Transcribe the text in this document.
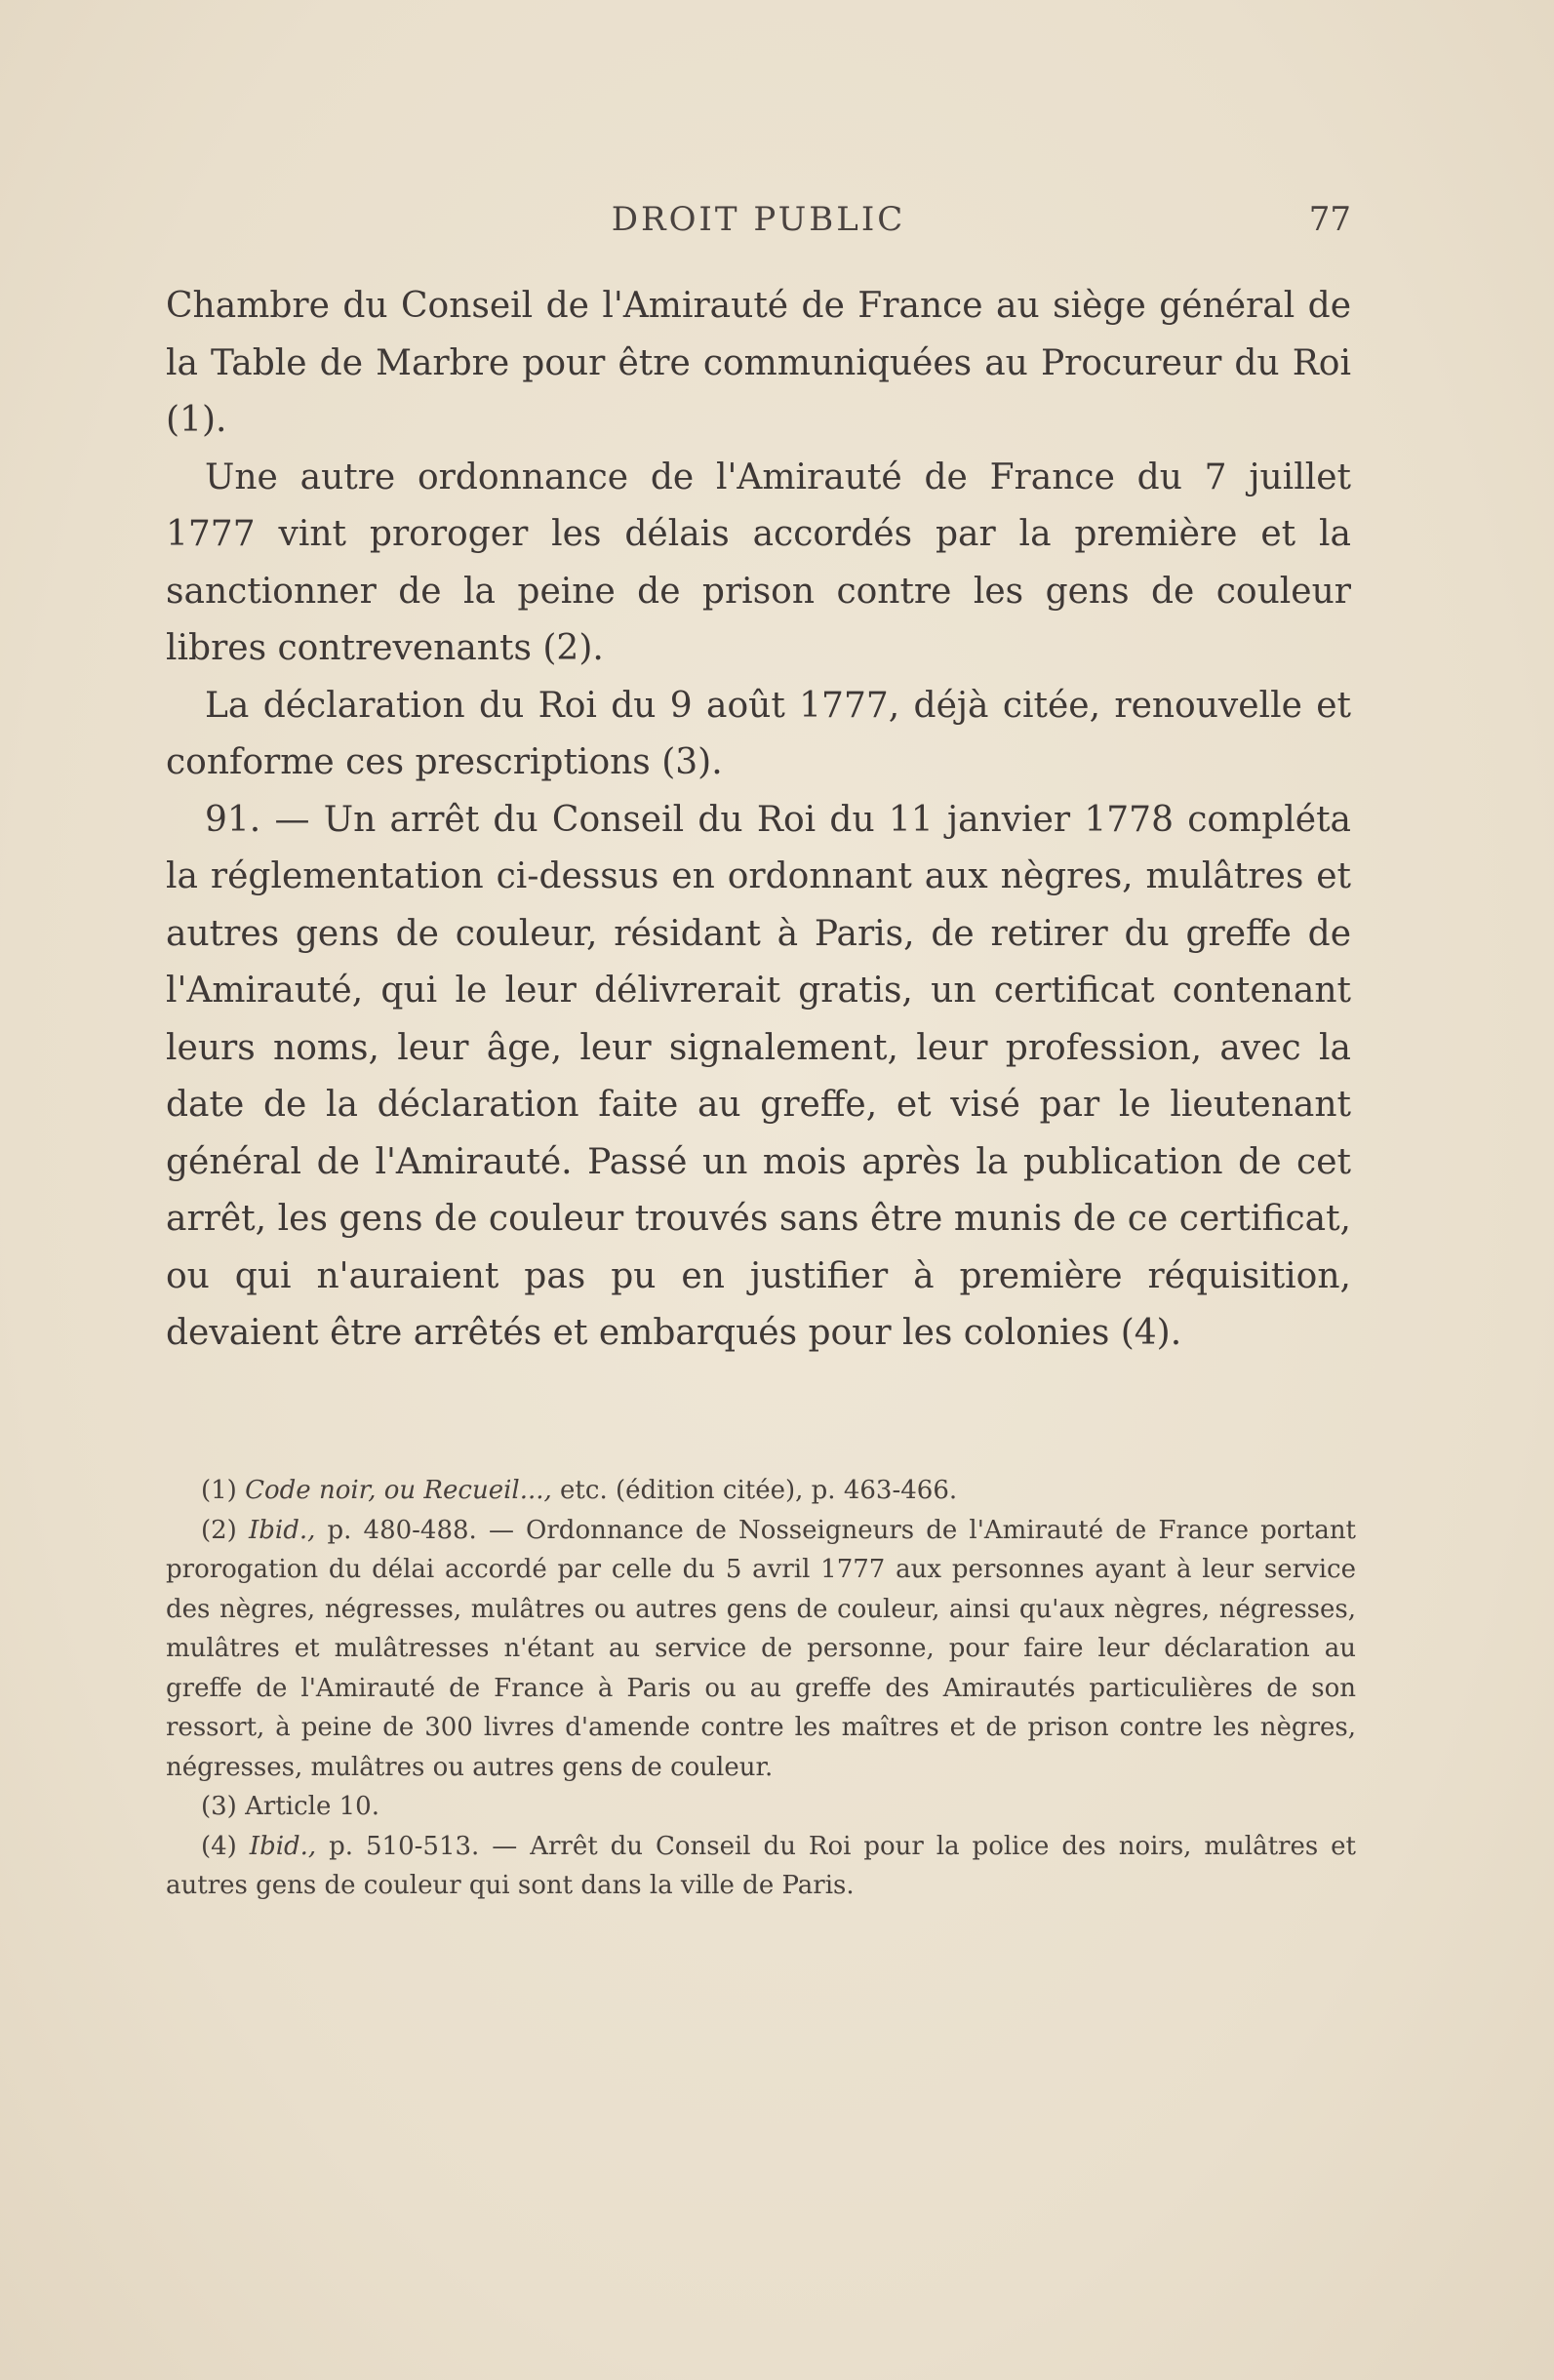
DROIT PUBLIC	77

Chambre du Conseil de l'Amirauté de France au siège général de la Table de Marbre pour être communiquées au Procureur du Roi (1).

Une autre ordonnance de l'Amirauté de France du 7 juillet 1777 vint proroger les délais accordés par la première et la sanctionner de la peine de prison contre les gens de couleur libres contrevenants (2).

La déclaration du Roi du 9 août 1777, déjà citée, renouvelle et conforme ces prescriptions (3).

91. — Un arrêt du Conseil du Roi du 11 janvier 1778 compléta la réglementation ci-dessus en ordonnant aux nègres, mulâtres et autres gens de couleur, résidant à Paris, de retirer du greffe de l'Amirauté, qui le leur délivrerait gratis, un certificat contenant leurs noms, leur âge, leur signalement, leur profession, avec la date de la déclaration faite au greffe, et visé par le lieutenant général de l'Amirauté. Passé un mois après la publication de cet arrêt, les gens de couleur trouvés sans être munis de ce certificat, ou qui n'auraient pas pu en justifier à première réquisition, devaient être arrêtés et embarqués pour les colonies (4).

(1) Code noir, ou Recueil..., etc. (édition citée), p. 463-466.

(2) Ibid., p. 480-488. — Ordonnance de Nosseigneurs de l'Amirauté de France portant prorogation du délai accordé par celle du 5 avril 1777 aux personnes ayant à leur service des nègres, négresses, mulâtres ou autres gens de couleur, ainsi qu'aux nègres, négresses, mulâtres et mulâtresses n'étant au service de personne, pour faire leur déclaration au greffe de l'Amirauté de France à Paris ou au greffe des Amirautés particulières de son ressort, à peine de 300 livres d'amende contre les maîtres et de prison contre les nègres, négresses, mulâtres ou autres gens de couleur.

(3) Article 10.

(4) Ibid., p. 510-513. — Arrêt du Conseil du Roi pour la police des noirs, mulâtres et autres gens de couleur qui sont dans la ville de Paris.
